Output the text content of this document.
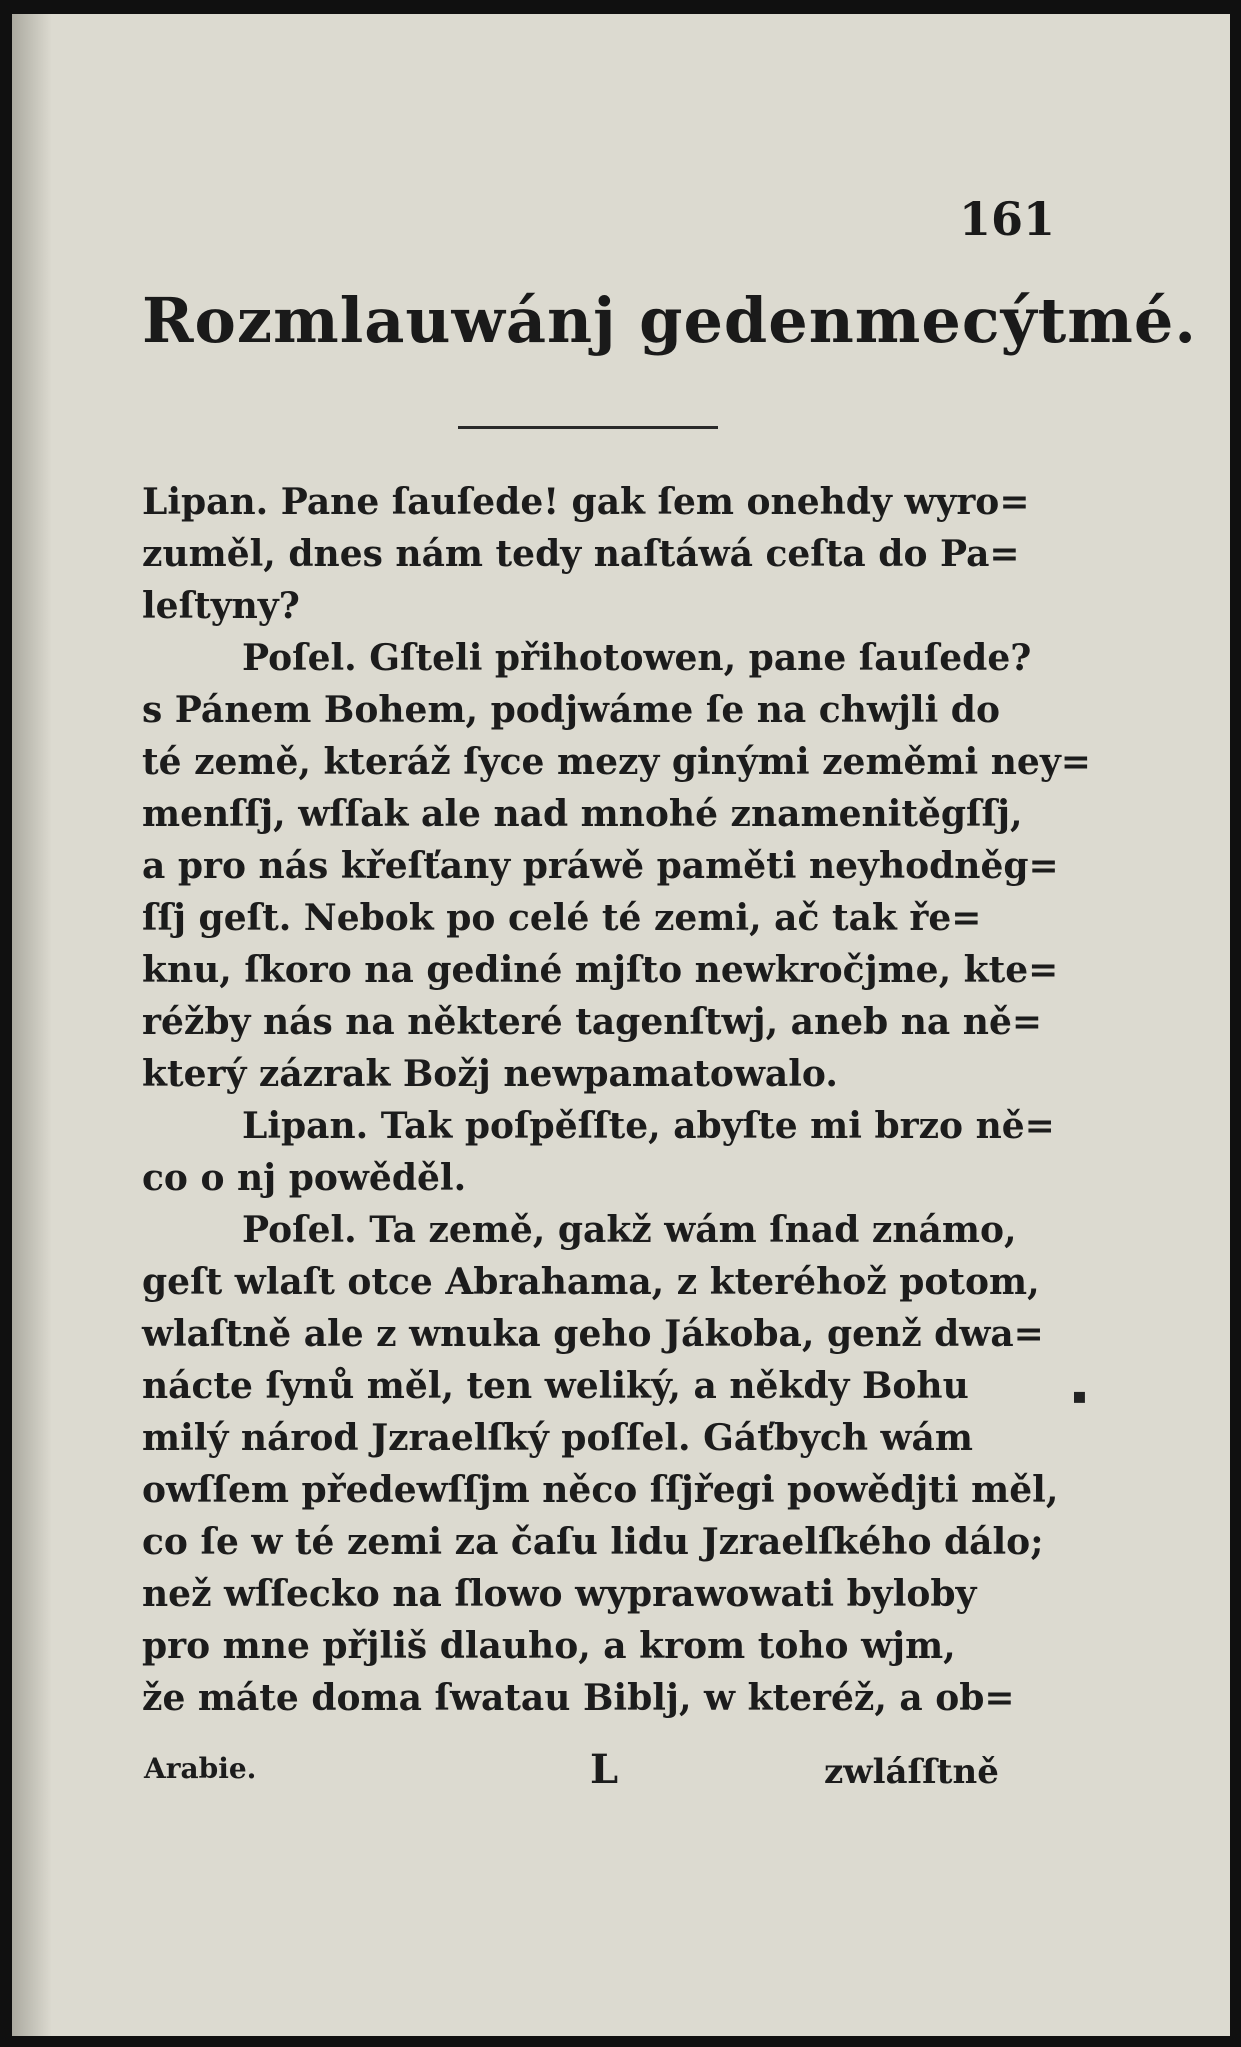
161
Rozmlauwánj gedenmecýtmé.
Lipan. Pane ſauſede! gak ſem onehdy wyro=
zuměl, dnes nám tedy naſtáwá ceſta do Pa=
leſtyny?
Poſel. Gſteli přihotowen, pane ſauſede?
s Pánem Bohem, podjwáme ſe na chwjli do
té země, kteráž ſyce mezy ginými zeměmi ney=
menſſj, wſſak ale nad mnohé znamenitěgſſj,
a pro nás křeſťany práwě paměti neyhodněg=
ſſj geſt. Nebok po celé té zemi, ač tak ře=
knu, ſkoro na gediné mjſto newkročjme, kte=
réžby nás na některé tagenſtwj, aneb na ně=
který zázrak Božj newpamatowalo.
Lipan. Tak poſpěſſte, abyſte mi brzo ně=
co o nj powěděl.
Poſel. Ta země, gakž wám ſnad známo,
geſt wlaſt otce Abrahama, z kteréhož potom,
wlaſtně ale z wnuka geho Jákoba, genž dwa=
nácte ſynů měl, ten weliký, a někdy Bohu
milý národ Jzraelſký poſſel. Gáťbych wám
owſſem předewſſjm něco ſſjřegi powědjti měl,
co ſe w té zemi za čaſu lidu Jzraelſkého dálo;
než wſſecko na ſlowo wyprawowati byloby
pro mne přjliš dlauho, a krom toho wjm,
že máte doma ſwatau Biblj, w kteréž, a ob=
Arabie.	L	zwláſſtně
▪
